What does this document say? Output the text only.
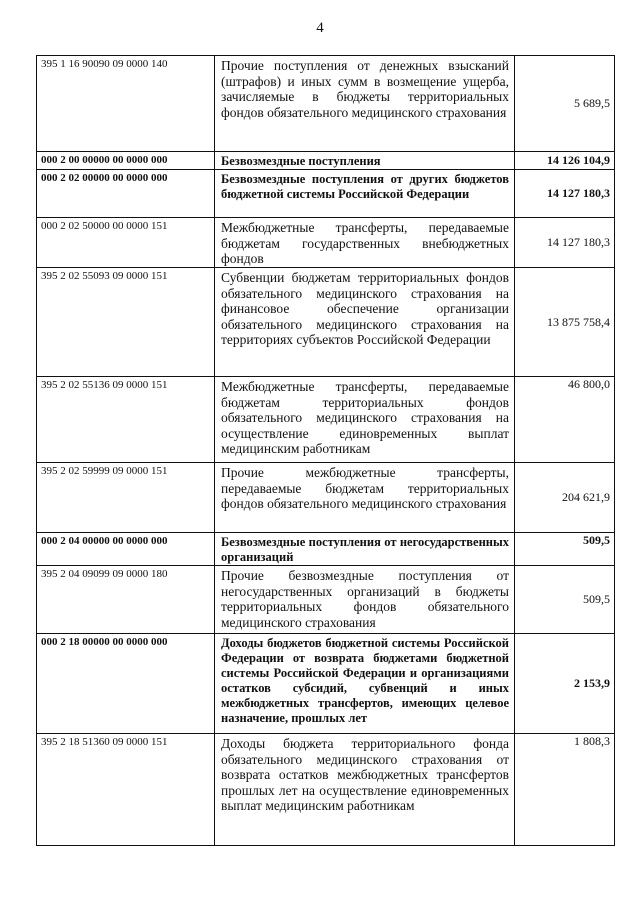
4
395 1 16 90090 09 0000 140	Прочие поступления от денежных взысканий (штрафов) и иных сумм в возмещение ущерба, зачисляемые в бюджеты территориальных фондов обязательного медицинского страхования	5 689,5
000 2 00 00000 00 0000 000	Безвозмездные поступления	14 126 104,9
000 2 02 00000 00 0000 000	Безвозмездные поступления от других бюджетов бюджетной системы Российской Федерации	14 127 180,3
000 2 02 50000 00 0000 151	Межбюджетные трансферты, передаваемые бюджетам государственных внебюджетных фондов	14 127 180,3
395 2 02 55093 09 0000 151	Субвенции бюджетам территориальных фондов обязательного медицинского страхования на финансовое обеспечение организации обязательного медицинского страхования на территориях субъектов Российской Федерации	13 875 758,4
395 2 02 55136 09 0000 151	Межбюджетные трансферты, передаваемые бюджетам территориальных фондов обязательного медицинского страхования на осуществление единовременных выплат медицинским работникам	46 800,0
395 2 02 59999 09 0000 151	Прочие межбюджетные трансферты, передаваемые бюджетам территориальных фондов обязательного медицинского страхования	204 621,9
000 2 04 00000 00 0000 000	Безвозмездные поступления от негосударственных организаций	509,5
395 2 04 09099 09 0000 180	Прочие безвозмездные поступления от негосударственных организаций в бюджеты территориальных фондов обязательного медицинского страхования	509,5
000 2 18 00000 00 0000 000	Доходы бюджетов бюджетной системы Российской Федерации от возврата бюджетами бюджетной системы Российской Федерации и организациями остатков субсидий, субвенций и иных межбюджетных трансфертов, имеющих целевое назначение, прошлых лет	2 153,9
395 2 18 51360 09 0000 151	Доходы бюджета территориального фонда обязательного медицинского страхования от возврата остатков межбюджетных трансфертов прошлых лет на осуществление единовременных выплат медицинским работникам	1 808,3
